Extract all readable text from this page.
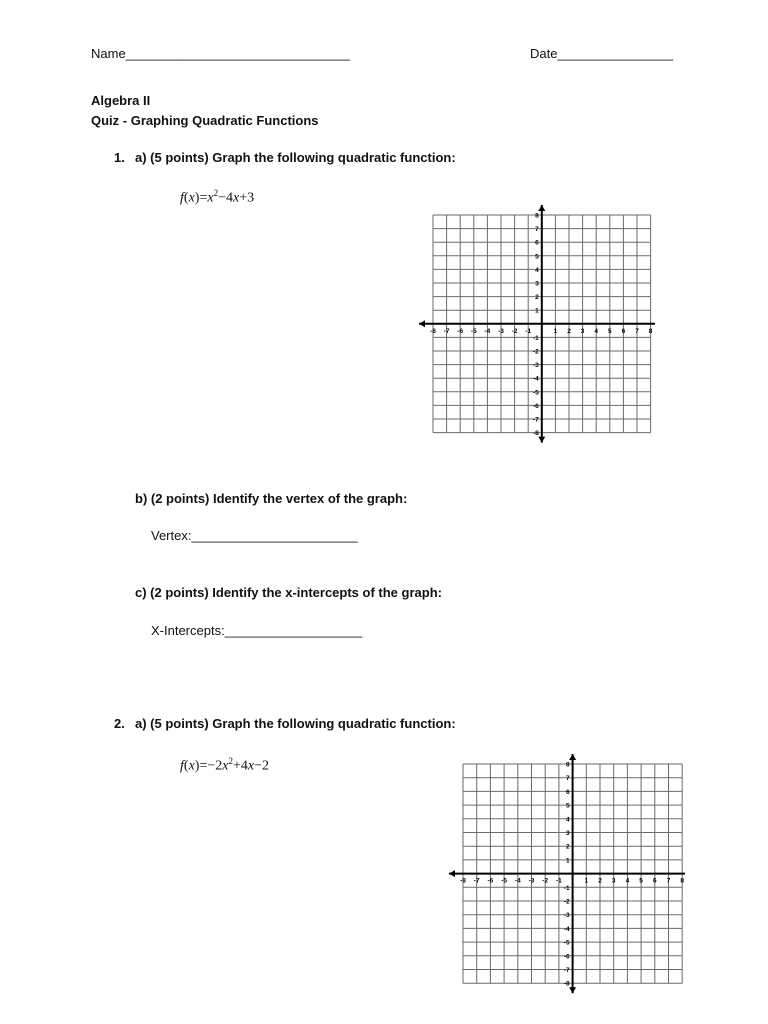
Name_______________________________	Date________________
Algebra II
Quiz - Graphing Quadratic Functions
1. a) (5 points) Graph the following quadratic function:
$f(x)=x^2-4x+3$
-8 -7 -6 -5 -4 -3 -2 -1	1 2 3 4 5 6 7 8
8
7
6
5
4
3
2
1
-1
-2
-3
-4
-5
-6
-7
-8
b) (2 points) Identify the vertex of the graph:
Vertex:_______________________
c) (2 points) Identify the x-intercepts of the graph:
X-Intercepts:___________________
2. a) (5 points) Graph the following quadratic function:
$f(x)=-2x^2+4x-2$
-8 -7 -6 -5 -4 -3 -2 -1	1 2 3 4 5 6 7 8
8
7
6
5
4
3
2
1
-1
-2
-3
-4
-5
-6
-7
-8
